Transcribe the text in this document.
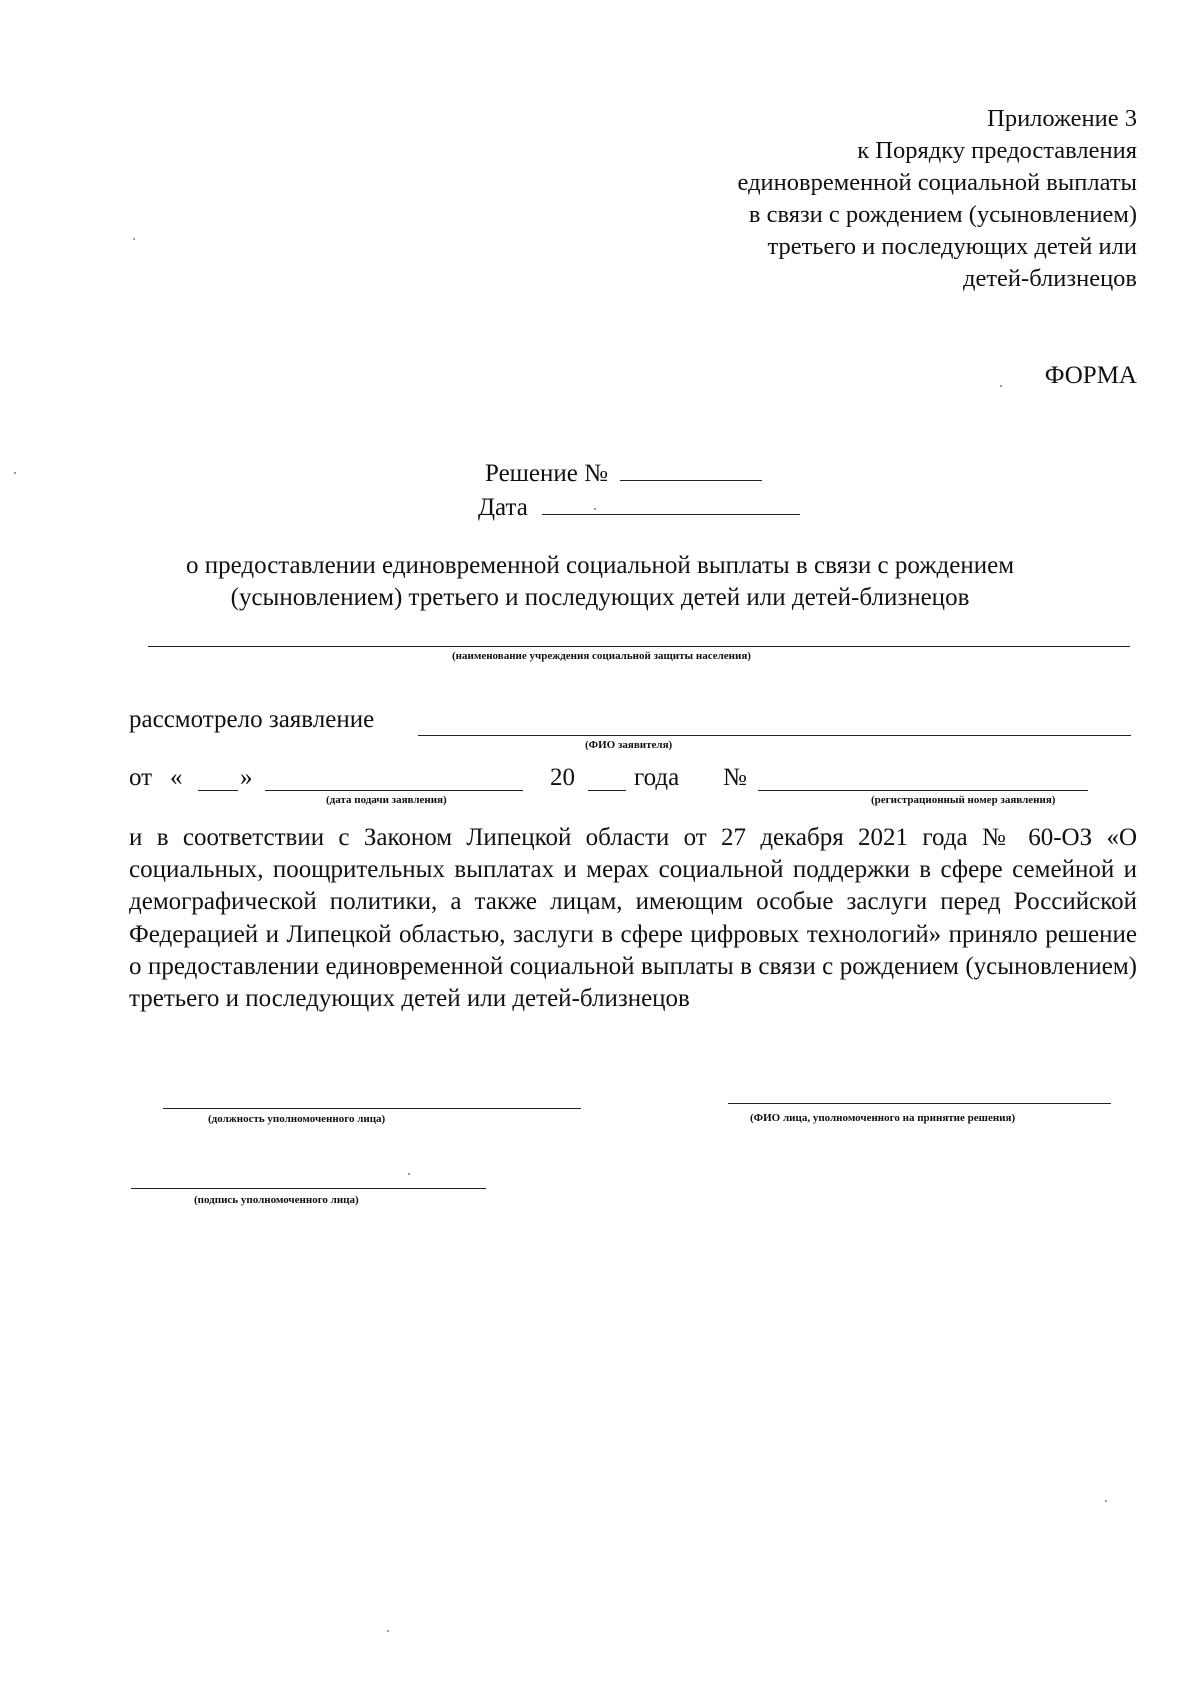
Приложение 3
к Порядку предоставления
единовременной социальной выплаты
в связи с рождением (усыновлением)
третьего и последующих детей или
детей-близнецов
ФОРМА
Решение №
Дата
о предоставлении единовременной социальной выплаты в связи с рождением
(усыновлением) третьего и последующих детей или детей-близнецов
(наименование учреждения социальной защиты населения)
рассмотрело заявление
(ФИО заявителя)
от « »
(дата подачи заявления)
20 года №
(регистрационный номер заявления)
и в соответствии с Законом Липецкой области от 27 декабря 2021 года № 60-ОЗ «О социальных, поощрительных выплатах и мерах социальной поддержки в сфере семейной и демографической политики, а также лицам, имеющим особые заслуги перед Российской Федерацией и Липецкой областью, заслуги в сфере цифровых технологий» приняло решение о предоставлении единовременной социальной выплаты в связи с рождением (усыновлением) третьего и последующих детей или детей-близнецов
(должность уполномоченного лица)	(ФИО лица, уполномоченного на принятие решения)
(подпись уполномоченного лица)
